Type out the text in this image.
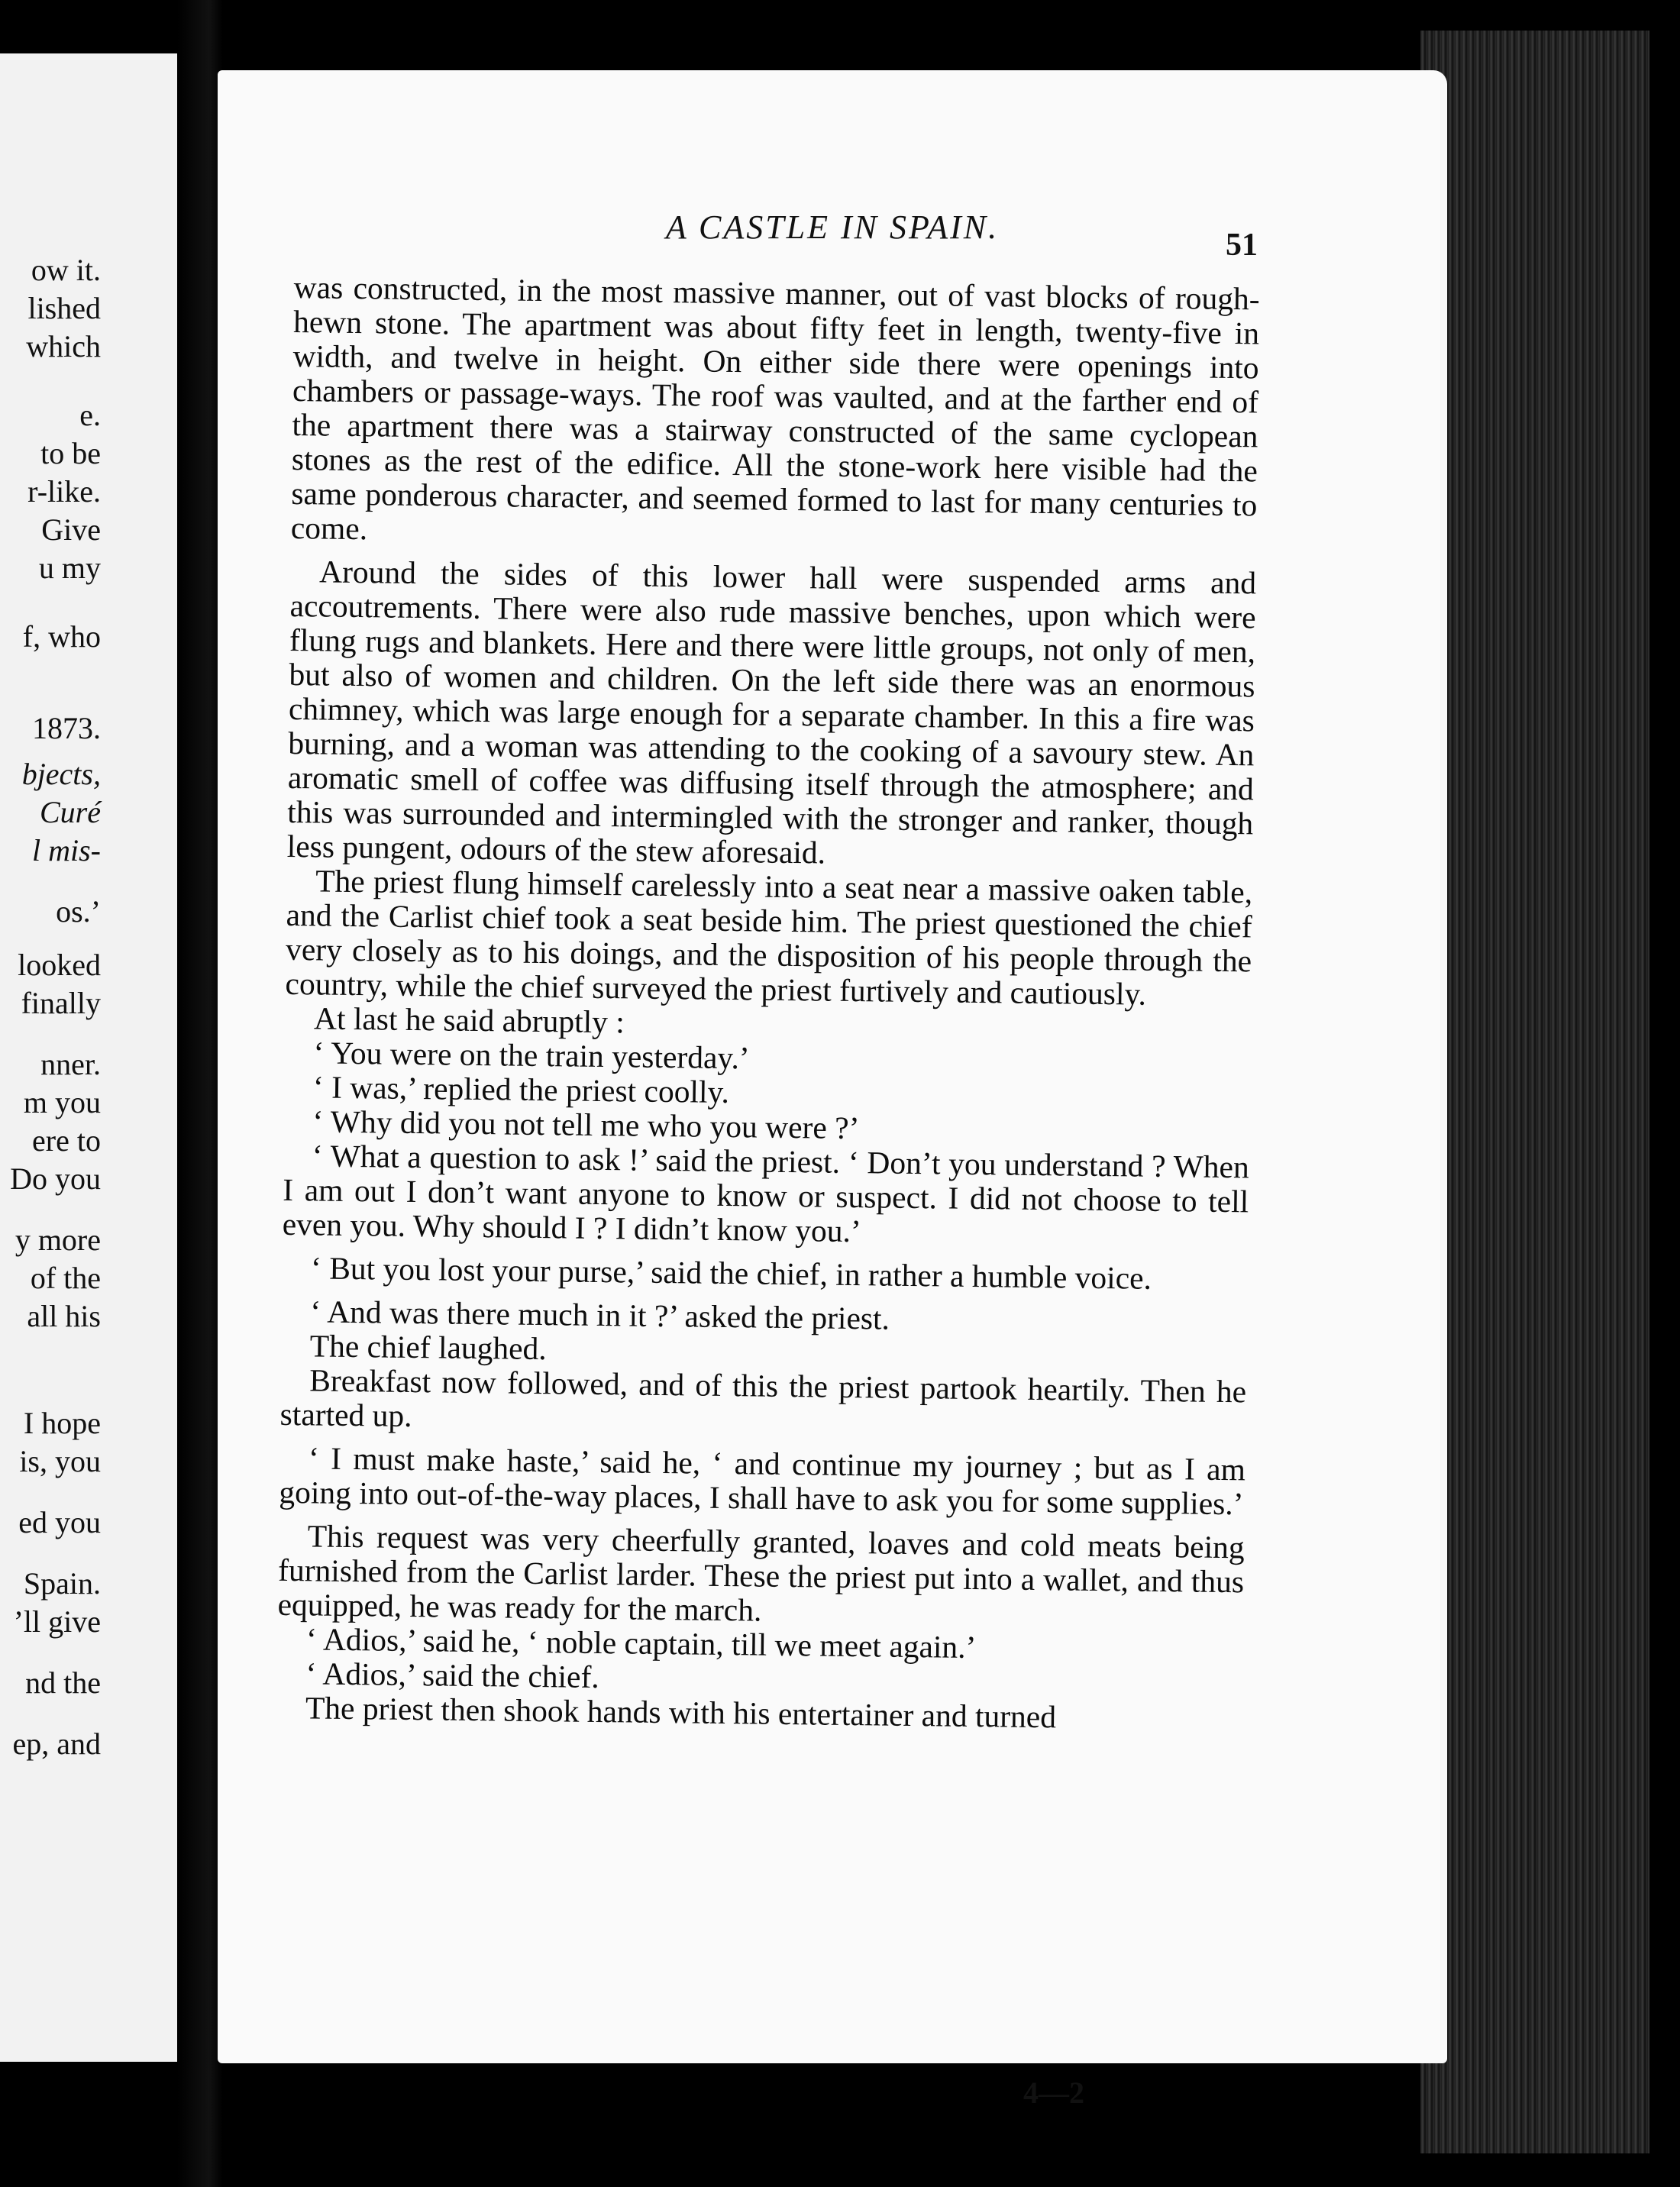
ow it.
lished
which
e.
to be
r-like.
Give
u my
f, who
1873.
bjects,
Curé
l mis-
os.’
looked
finally
nner.
m you
ere to
Do you
y more
of the
all his
I hope
is, you
ed you
Spain.
’ll give
nd the
ep, and
A CASTLE IN SPAIN.	51

was constructed, in the most massive manner, out of vast blocks of rough-hewn stone. The apartment was about fifty feet in length, twenty-five in width, and twelve in height. On either side there were openings into chambers or passage-ways. The roof was vaulted, and at the farther end of the apartment there was a stairway constructed of the same cyclopean stones as the rest of the edifice. All the stone-work here visible had the same ponderous character, and seemed formed to last for many centuries to come.

Around the sides of this lower hall were suspended arms and accoutrements. There were also rude massive benches, upon which were flung rugs and blankets. Here and there were little groups, not only of men, but also of women and children. On the left side there was an enormous chimney, which was large enough for a separate chamber. In this a fire was burning, and a woman was attending to the cooking of a savoury stew. An aromatic smell of coffee was diffusing itself through the atmosphere; and this was surrounded and intermingled with the stronger and ranker, though less pungent, odours of the stew aforesaid.

The priest flung himself carelessly into a seat near a massive oaken table, and the Carlist chief took a seat beside him. The priest questioned the chief very closely as to his doings, and the disposition of his people through the country, while the chief surveyed the priest furtively and cautiously.

At last he said abruptly :

‘ You were on the train yesterday.’

‘ I was,’ replied the priest coolly.

‘ Why did you not tell me who you were ?’

‘ What a question to ask !’ said the priest. ‘ Don’t you understand ? When I am out I don’t want anyone to know or suspect. I did not choose to tell even you. Why should I ? I didn’t know you.’

‘ But you lost your purse,’ said the chief, in rather a humble voice.

‘ And was there much in it ?’ asked the priest.

The chief laughed.

Breakfast now followed, and of this the priest partook heartily. Then he started up.

‘ I must make haste,’ said he, ‘ and continue my journey ; but as I am going into out-of-the-way places, I shall have to ask you for some supplies.’

This request was very cheerfully granted, loaves and cold meats being furnished from the Carlist larder. These the priest put into a wallet, and thus equipped, he was ready for the march.

‘ Adios,’ said he, ‘ noble captain, till we meet again.’

‘ Adios,’ said the chief.

The priest then shook hands with his entertainer and turned

4—2
